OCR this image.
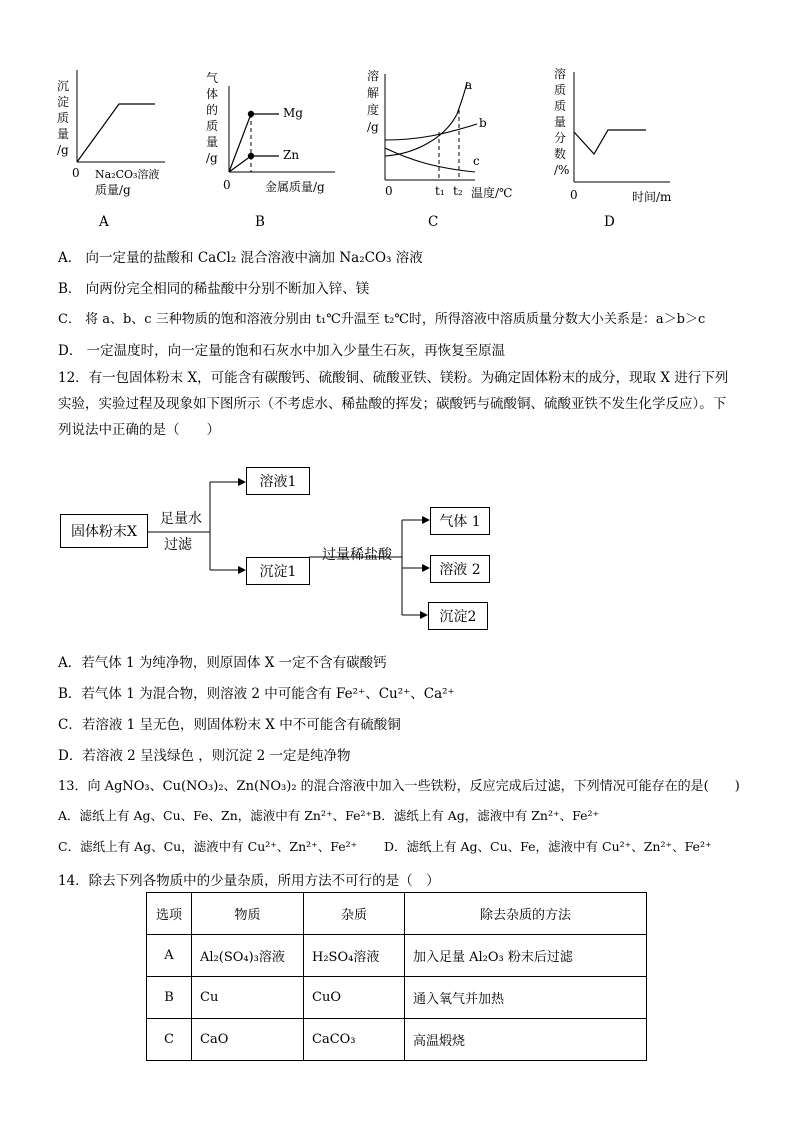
沉
淀
质
量
/g
0 Na₂CO₃溶液
质量/g
A
气
体
的
质
量
/g
Mg
Zn
0	金属质量/g
B
溶
解
度
/g
a
b
c
0	t₁ t₂ 温度/℃
C
溶
质
质
量
分
数
/%
0	时间/m
D
A． 向一定量的盐酸和 CaCl₂ 混合溶液中滴加 Na₂CO₃ 溶液
B． 向两份完全相同的稀盐酸中分别不断加入锌、镁
C． 将 a、b、c 三种物质的饱和溶液分别由 t₁℃升温至 t₂℃时，所得溶液中溶质质量分数大小关系是：a＞b＞c
D． 一定温度时，向一定量的饱和石灰水中加入少量生石灰，再恢复至原温
12．有一包固体粉末 X，可能含有碳酸钙、硫酸铜、硫酸亚铁、镁粉。为确定固体粉末的成分，现取 X 进行下列实验，实验过程及现象如下图所示（不考虑水、稀盐酸的挥发；碳酸钙与硫酸铜、硫酸亚铁不发生化学反应）。下列说法中正确的是（　　）
固体粉末X
足量水
过滤
溶液1
沉淀1
过量稀盐酸
气体 1
溶液 2
沉淀2
A．若气体 1 为纯净物，则原固体 X 一定不含有碳酸钙
B．若气体 1 为混合物，则溶液 2 中可能含有 Fe²⁺、Cu²⁺、Ca²⁺
C．若溶液 1 呈无色，则固体粉末 X 中不可能含有硫酸铜
D．若溶液 2 呈浅绿色 ，则沉淀 2 一定是纯净物
13．向 AgNO₃、Cu(NO₃)₂、Zn(NO₃)₂ 的混合溶液中加入一些铁粉，反应完成后过滤，下列情况可能存在的是(　　)
A．滤纸上有 Ag、Cu、Fe、Zn，滤液中有 Zn²⁺、Fe²⁺B．滤纸上有 Ag，滤液中有 Zn²⁺、Fe²⁺
C．滤纸上有 Ag、Cu，滤液中有 Cu²⁺、Zn²⁺、Fe²⁺ D．滤纸上有 Ag、Cu、Fe，滤液中有 Cu²⁺、Zn²⁺、Fe²⁺
14．除去下列各物质中的少量杂质，所用方法不可行的是（　）
选项	物质	杂质	除去杂质的方法
A	Al₂(SO₄)₃溶液	H₂SO₄溶液	加入足量 Al₂O₃ 粉末后过滤
B	Cu	CuO	通入氧气并加热
C	CaO	CaCO₃	高温煅烧
